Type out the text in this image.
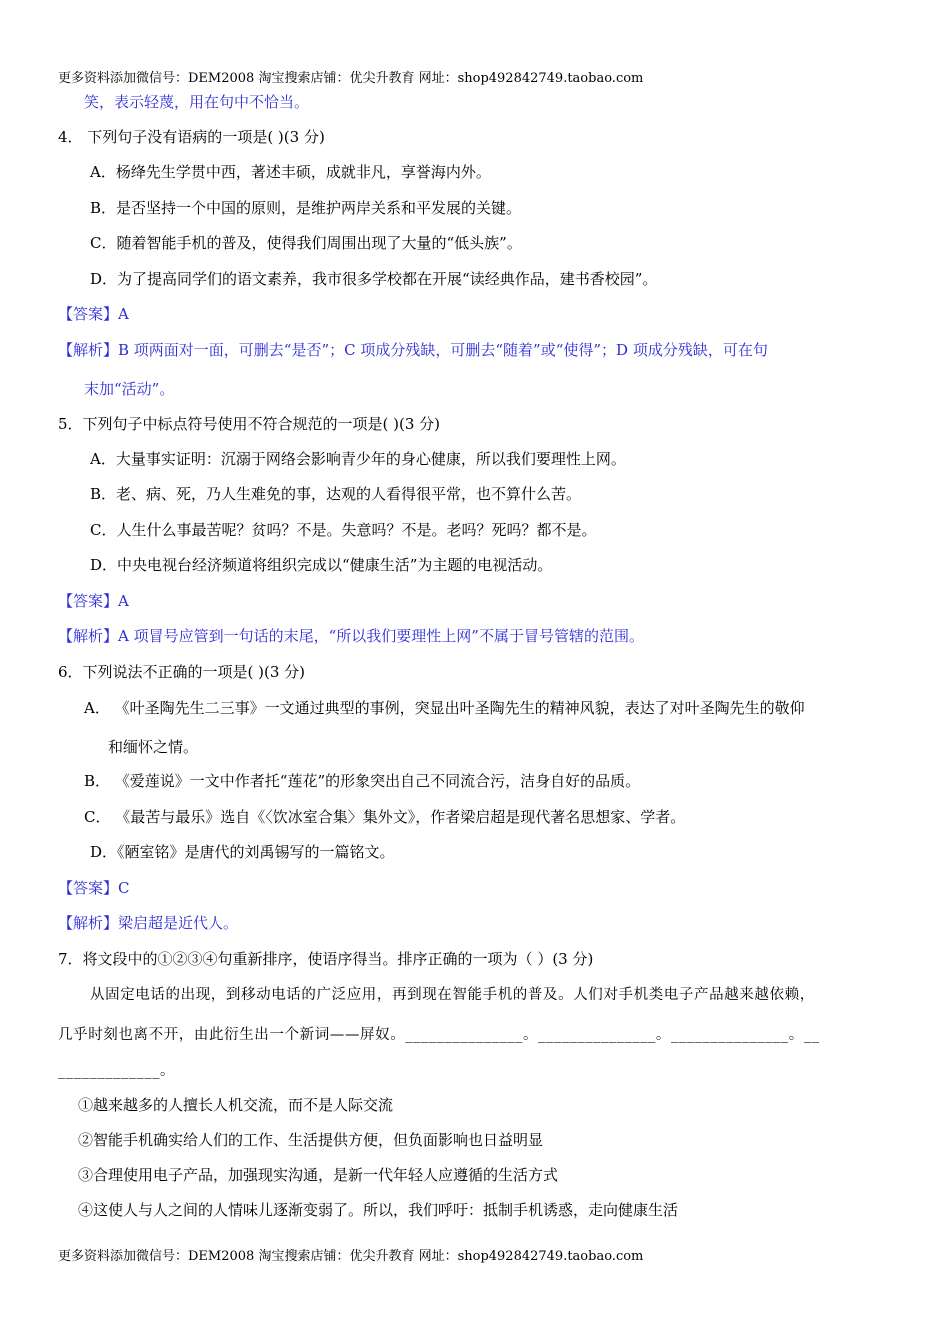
更多资料添加微信号：DEM2008 淘宝搜索店铺：优尖升教育 网址：shop492842749.taobao.com
笑，表示轻蔑，用在句中不恰当。
4． 下列句子没有语病的一项是( )(3 分)
A．杨绛先生学贯中西，著述丰硕，成就非凡，享誉海内外。
B．是否坚持一个中国的原则，是维护两岸关系和平发展的关键。
C．随着智能手机的普及，使得我们周围出现了大量的“低头族”。
D．为了提高同学们的语文素养，我市很多学校都在开展“读经典作品，建书香校园”。
【答案】A
【解析】B 项两面对一面，可删去“是否”；C 项成分残缺，可删去“随着”或“使得”；D 项成分残缺，可在句
末加“活动”。
5．下列句子中标点符号使用不符合规范的一项是( )(3 分)
A．大量事实证明：沉溺于网络会影响青少年的身心健康，所以我们要理性上网。
B．老、病、死，乃人生难免的事，达观的人看得很平常，也不算什么苦。
C．人生什么事最苦呢？贫吗？不是。失意吗？不是。老吗？死吗？都不是。
D．中央电视台经济频道将组织完成以“健康生活”为主题的电视活动。
【答案】A
【解析】A 项冒号应管到一句话的末尾，“所以我们要理性上网”不属于冒号管辖的范围。
6．下列说法不正确的一项是( )(3 分)
A． 《叶圣陶先生二三事》一文通过典型的事例，突显出叶圣陶先生的精神风貌，表达了对叶圣陶先生的敬仰
和缅怀之情。
B． 《爱莲说》一文中作者托“莲花”的形象突出自己不同流合污，洁身自好的品质。
C． 《最苦与最乐》选自《〈饮冰室合集〉集外文》，作者梁启超是现代著名思想家、学者。
D．《陋室铭》是唐代的刘禹锡写的一篇铭文。
【答案】C
【解析】梁启超是近代人。
7．将文段中的①②③④句重新排序，使语序得当。排序正确的一项为（ ）(3 分)
从固定电话的出现，到移动电话的广泛应用，再到现在智能手机的普及。人们对手机类电子产品越来越依赖，
几乎时刻也离不开，由此衍生出一个新词——屏奴。_______________。_______________。_______________。__
_____________。
①越来越多的人擅长人机交流，而不是人际交流
②智能手机确实给人们的工作、生活提供方便，但负面影响也日益明显
③合理使用电子产品，加强现实沟通，是新一代年轻人应遵循的生活方式
④这使人与人之间的人情味儿逐渐变弱了。所以，我们呼吁：抵制手机诱惑，走向健康生活
更多资料添加微信号：DEM2008 淘宝搜索店铺：优尖升教育 网址：shop492842749.taobao.com
